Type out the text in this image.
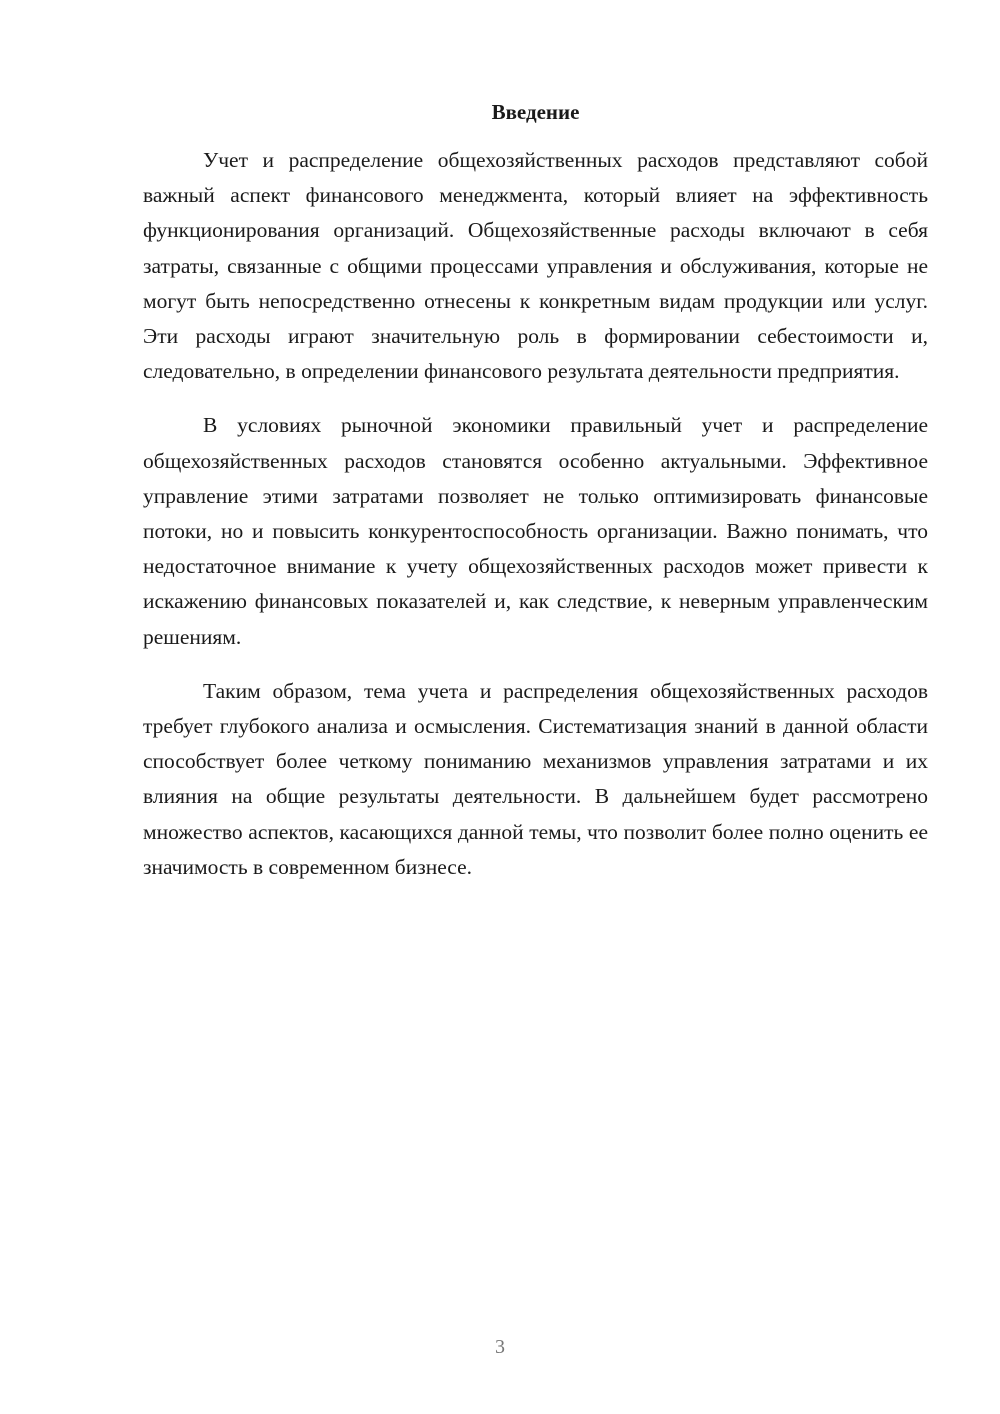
Введение

Учет и распределение общехозяйственных расходов представляют собой важный аспект финансового менеджмента, который влияет на эффективность функционирования организаций. Общехозяйственные расходы включают в себя затраты, связанные с общими процессами управления и обслуживания, которые не могут быть непосредственно отнесены к конкретным видам продукции или услуг. Эти расходы играют значительную роль в формировании себестоимости и, следовательно, в определении финансового результата деятельности предприятия.

В условиях рыночной экономики правильный учет и распределение общехозяйственных расходов становятся особенно актуальными. Эффективное управление этими затратами позволяет не только оптимизировать финансовые потоки, но и повысить конкурентоспособность организации. Важно понимать, что недостаточное внимание к учету общехозяйственных расходов может привести к искажению финансовых показателей и, как следствие, к неверным управленческим решениям.

Таким образом, тема учета и распределения общехозяйственных расходов требует глубокого анализа и осмысления. Систематизация знаний в данной области способствует более четкому пониманию механизмов управления затратами и их влияния на общие результаты деятельности. В дальнейшем будет рассмотрено множество аспектов, касающихся данной темы, что позволит более полно оценить ее значимость в современном бизнесе.

3
